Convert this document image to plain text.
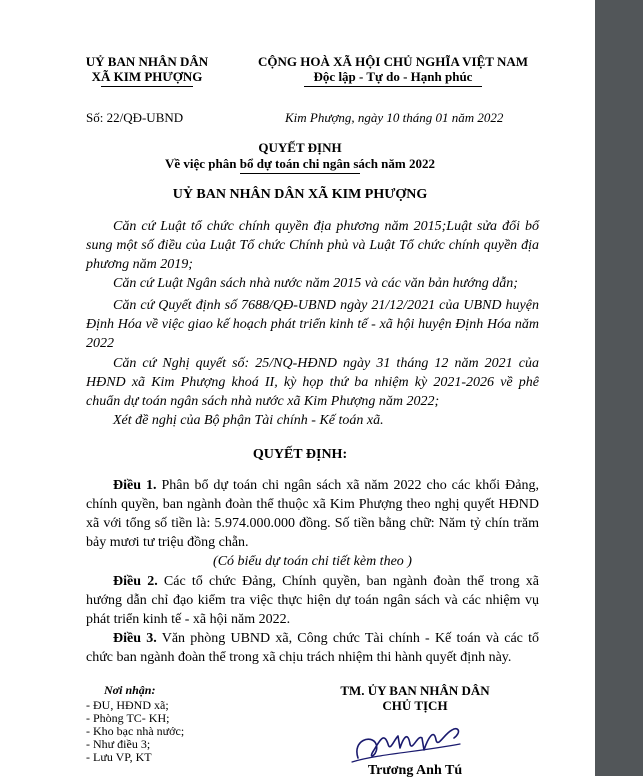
UỶ BAN NHÂN DÂN
XÃ KIM PHƯỢNG
CỘNG HOÀ XÃ HỘI CHỦ NGHĨA VIỆT NAM
Độc lập - Tự do - Hạnh phúc
Số: 22/QĐ-UBND	Kim Phượng, ngày 10 tháng 01 năm 2022
QUYẾT ĐỊNH
Về việc phân bổ dự toán chi ngân sách năm 2022
UỶ BAN NHÂN DÂN XÃ KIM PHƯỢNG
Căn cứ Luật tổ chức chính quyền địa phương năm 2015;Luật sửa đổi bổ sung một số điều của Luật Tổ chức Chính phủ và Luật Tổ chức chính quyền địa phương năm 2019;
Căn cứ Luật Ngân sách nhà nước năm 2015 và các văn bản hướng dẫn;
Căn cứ Quyết định số 7688/QĐ-UBND ngày 21/12/2021 của UBND huyện Định Hóa về việc giao kế hoạch phát triển kinh tế - xã hội huyện Định Hóa năm 2022
Căn cứ Nghị quyết số: 25/NQ-HĐND ngày 31 tháng 12 năm 2021 của HĐND xã Kim Phượng khoá II, kỳ họp thứ ba nhiệm kỳ 2021-2026 về phê chuẩn dự toán ngân sách nhà nước xã Kim Phượng năm 2022;
Xét đề nghị của Bộ phận Tài chính - Kế toán xã.
QUYẾT ĐỊNH:
Điều 1. Phân bổ dự toán chi ngân sách xã năm 2022 cho các khối Đảng, chính quyền, ban ngành đoàn thể thuộc xã Kim Phượng theo nghị quyết HĐND xã với tổng số tiền là: 5.974.000.000 đồng. Số tiền bằng chữ: Năm tỷ chín trăm bảy mươi tư triệu đồng chẵn.
(Có biểu dự toán chi tiết kèm theo )
Điều 2. Các tổ chức Đảng, Chính quyền, ban ngành đoàn thể trong xã hướng dẫn chỉ đạo kiểm tra việc thực hiện dự toán ngân sách và các nhiệm vụ phát triển kinh tế - xã hội năm 2022.
Điều 3. Văn phòng UBND xã, Công chức Tài chính - Kế toán và các tổ chức ban ngành đoàn thể trong xã chịu trách nhiệm thi hành quyết định này.
Nơi nhận:
- ĐU, HĐND xã;
- Phòng TC- KH;
- Kho bạc nhà nước;
- Như điều 3;
- Lưu VP, KT
TM. ỦY BAN NHÂN DÂN
CHỦ TỊCH
Trương Anh Tú
